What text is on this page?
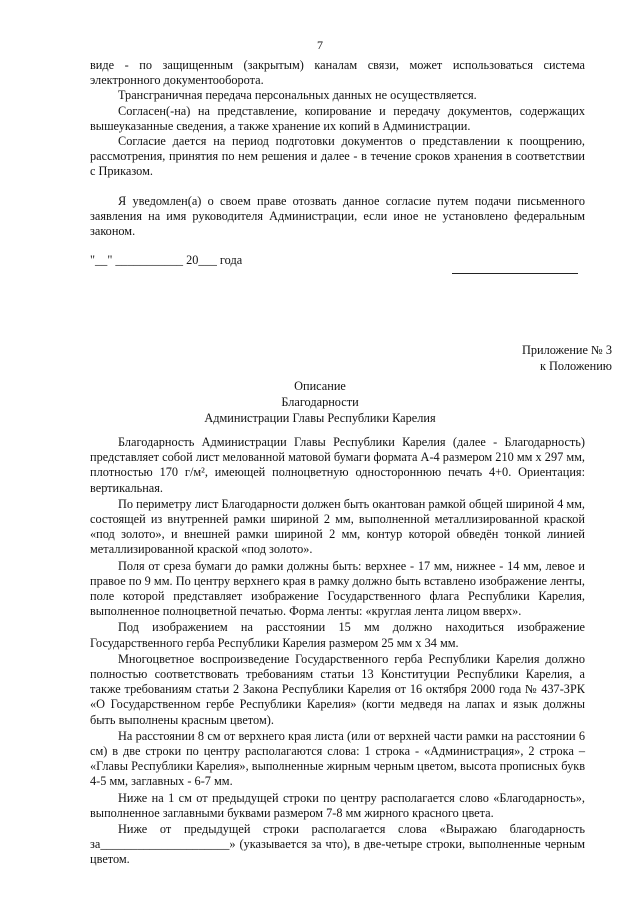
7

виде - по защищенным (закрытым) каналам связи, может использоваться система электронного документооборота.

Трансграничная передача персональных данных не осуществляется.

Согласен(-на) на представление, копирование и передачу документов, содержащих вышеуказанные сведения, а также хранение их копий в Администрации.

Согласие дается на период подготовки документов о представлении к поощрению, рассмотрения, принятия по нем решения и далее - в течение сроков хранения в соответствии с Приказом.

Я уведомлен(а) о своем праве отозвать данное согласие путем подачи письменного заявления на имя руководителя Администрации, если иное не установлено федеральным законом.

"__" ___________ 20___ года
Приложение № 3
к Положению
Описание
Благодарности
Администрации Главы Республики Карелия

Благодарность Администрации Главы Республики Карелия (далее - Благодарность) представляет собой лист мелованной матовой бумаги формата А-4 размером 210 мм х 297 мм, плотностью 170 г/м², имеющей полноцветную одностороннюю печать 4+0. Ориентация: вертикальная.

По периметру лист Благодарности должен быть окантован рамкой общей шириной 4 мм, состоящей из внутренней рамки шириной 2 мм, выполненной металлизированной краской «под золото», и внешней рамки шириной 2 мм, контур которой обведён тонкой линией металлизированной краской «под золото».

Поля от среза бумаги до рамки должны быть: верхнее - 17 мм, нижнее - 14 мм, левое и правое по 9 мм. По центру верхнего края в рамку должно быть вставлено изображение ленты, поле которой представляет изображение Государственного флага Республики Карелия, выполненное полноцветной печатью. Форма ленты: «круглая лента лицом вверх».

Под изображением на расстоянии 15 мм должно находиться изображение Государственного герба Республики Карелия размером 25 мм х 34 мм.

Многоцветное воспроизведение Государственного герба Республики Карелия должно полностью соответствовать требованиям статьи 13 Конституции Республики Карелия, а также требованиям статьи 2 Закона Республики Карелия от 16 октября 2000 года № 437-ЗРК «О Государственном гербе Республики Карелия» (когти медведя на лапах и язык должны быть выполнены красным цветом).

На расстоянии 8 см от верхнего края листа (или от верхней части рамки на расстоянии 6 см) в две строки по центру располагаются слова: 1 строка - «Администрация», 2 строка – «Главы Республики Карелия», выполненные жирным черным цветом, высота прописных букв 4-5 мм, заглавных - 6-7 мм.

Ниже на 1 см от предыдущей строки по центру располагается слово «Благодарность», выполненное заглавными буквами размером 7-8 мм жирного красного цвета.

Ниже от предыдущей строки располагается слова «Выражаю благодарность за_____________________» (указывается за что), в две-четыре строки, выполненные черным цветом.
